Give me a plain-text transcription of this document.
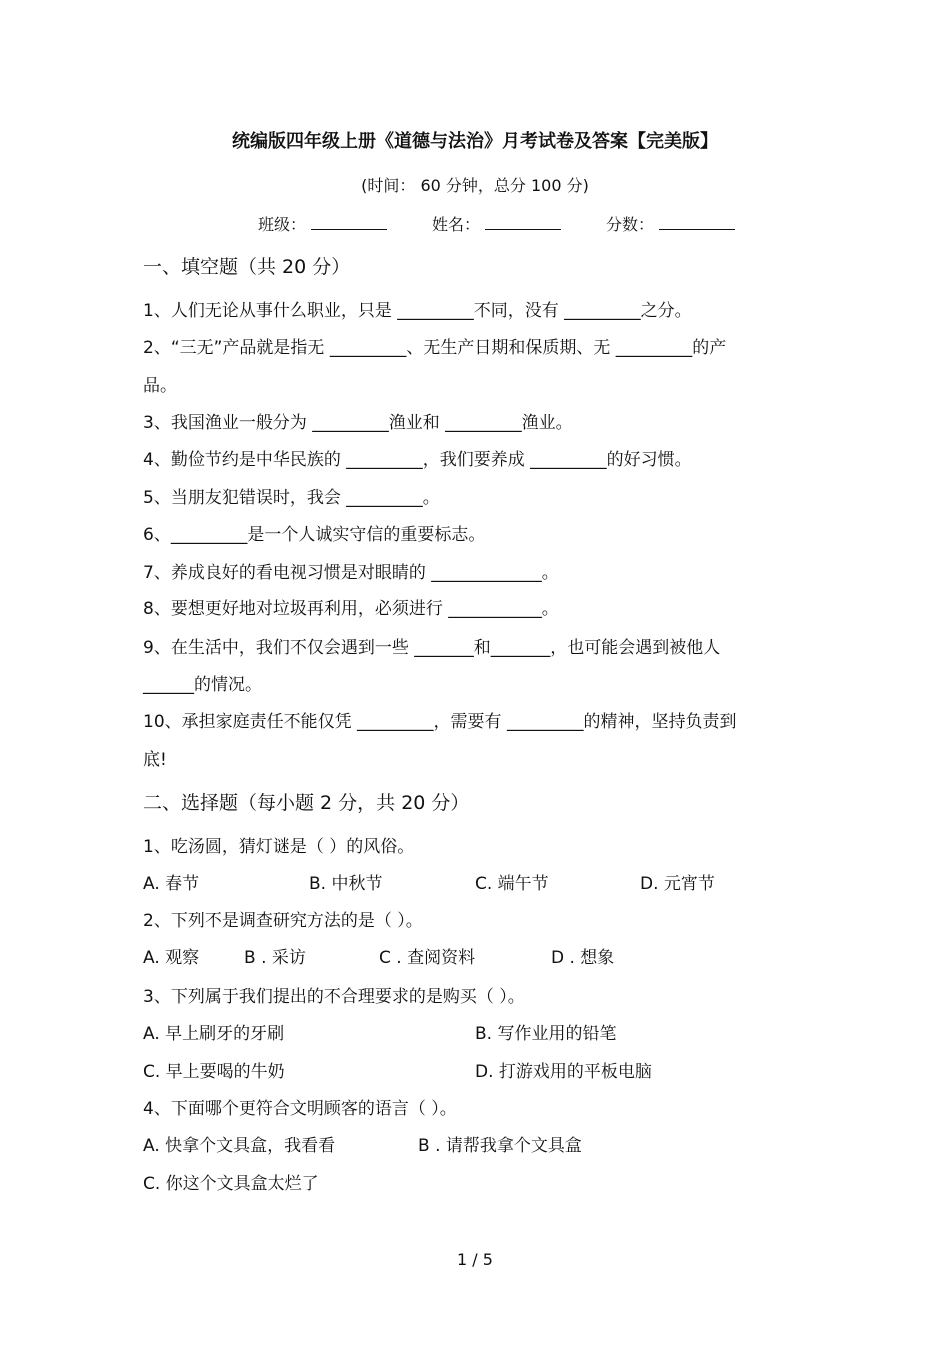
统编版四年级上册《道德与法治》月考试卷及答案【完美版】

(时间： 60 分钟，总分 100 分)

班级：	姓名：	分数：
一、填空题（共 20 分）

1、人们无论从事什么职业，只是 _________不同，没有 _________之分。

2、“三无”产品就是指无 _________、无生产日期和保质期、无 _________的产

品。

3、我国渔业一般分为 _________渔业和 _________渔业。

4、勤俭节约是中华民族的 _________，我们要养成 _________的好习惯。

5、当朋友犯错误时，我会 _________。

6、_________是一个人诚实守信的重要标志。

7、养成良好的看电视习惯是对眼睛的 _____________。

8、要想更好地对垃圾再利用，必须进行 ___________。

9、在生活中，我们不仅会遇到一些 _______和_______，也可能会遇到被他人

______的情况。

10、承担家庭责任不能仅凭 _________，需要有 _________的精神，坚持负责到

底!

二、选择题（每小题 2 分，共 20 分）

1、吃汤圆，猜灯谜是（ ）的风俗。

A. 春节	B. 中秋节	C. 端午节	D. 元宵节

2、下列不是调查研究方法的是（ ）。

A. 观察	B . 采访	C . 查阅资料	D . 想象

3、下列属于我们提出的不合理要求的是购买（ ）。

A. 早上刷牙的牙刷	B. 写作业用的铅笔
C. 早上要喝的牛奶	D. 打游戏用的平板电脑

4、下面哪个更符合文明顾客的语言（ ）。

A. 快拿个文具盒，我看看	B . 请帮我拿个文具盒
C. 你这个文具盒太烂了
1 / 5
